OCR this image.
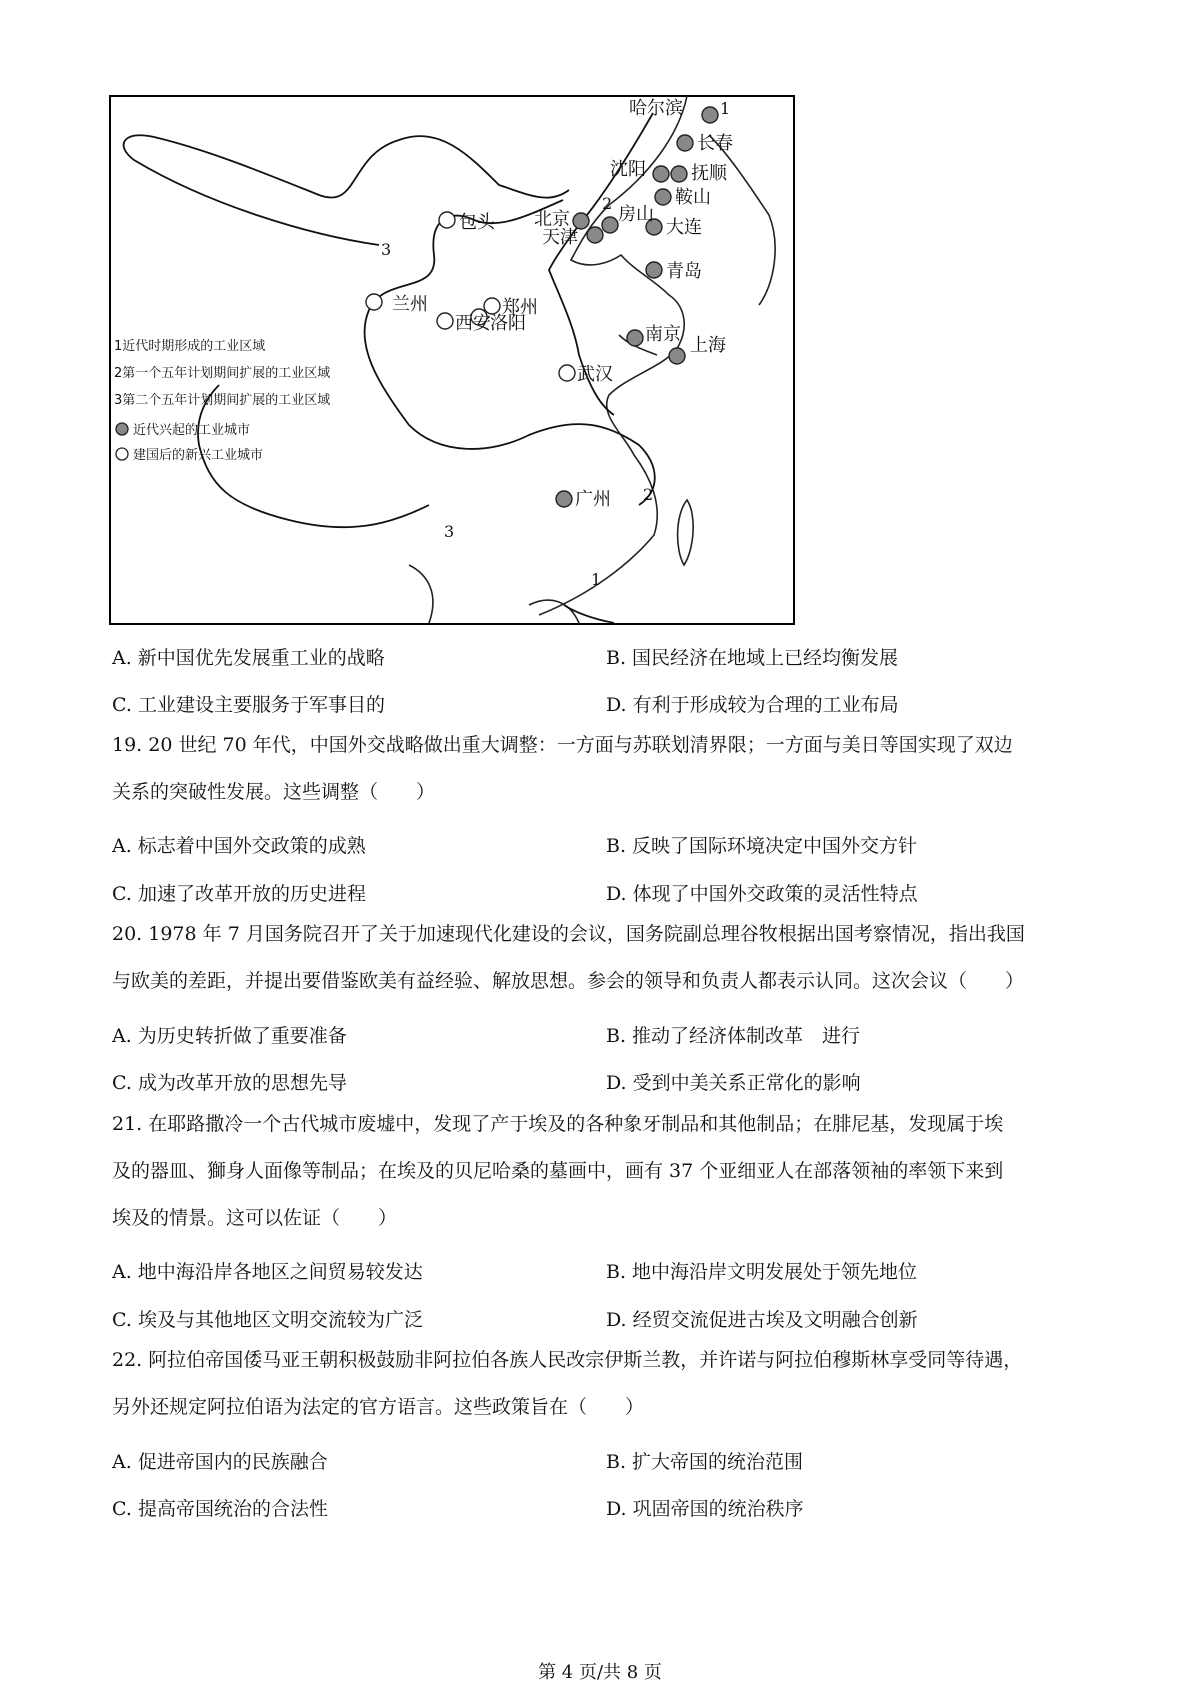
1
2
3
2
3
1
哈尔滨
长春
沈阳	抚顺
鞍山
北京	房山
大连
天津
包头
青岛
兰州	郑州
西安 洛阳
南京
上海
武汉
广州
1近代时期形成的工业区域
2第一个五年计划期间扩展的工业区域
3第二个五年计划期间扩展的工业区域
近代兴起的工业城市
建国后的新兴工业城市
A. 新中国优先发展重工业的战略	B. 国民经济在地域上已经均衡发展
C. 工业建设主要服务于军事目的	D. 有利于形成较为合理的工业布局

19. 20 世纪 70 年代，中国外交战略做出重大调整：一方面与苏联划清界限；一方面与美日等国实现了双边

关系的突破性发展。这些调整（　　）

A. 标志着中国外交政策的成熟	B. 反映了国际环境决定中国外交方针
C. 加速了改革开放的历史进程	D. 体现了中国外交政策的灵活性特点

20. 1978 年 7 月国务院召开了关于加速现代化建设的会议，国务院副总理谷牧根据出国考察情况，指出我国

与欧美的差距，并提出要借鉴欧美有益经验、解放思想。参会的领导和负责人都表示认同。这次会议（　　）

A. 为历史转折做了重要准备	B. 推动了经济体制改革　进行
C. 成为改革开放的思想先导	D. 受到中美关系正常化的影响

21. 在耶路撒冷一个古代城市废墟中，发现了产于埃及的各种象牙制品和其他制品；在腓尼基，发现属于埃

及的器皿、獅身人面像等制品；在埃及的贝尼哈桑的墓画中，画有 37 个亚细亚人在部落领袖的率领下来到

埃及的情景。这可以佐证（　　）

A. 地中海沿岸各地区之间贸易较发达	B. 地中海沿岸文明发展处于领先地位
C. 埃及与其他地区文明交流较为广泛	D. 经贸交流促进古埃及文明融合创新

22. 阿拉伯帝国倭马亚王朝积极鼓励非阿拉伯各族人民改宗伊斯兰教，并许诺与阿拉伯穆斯林享受同等待遇，

另外还规定阿拉伯语为法定的官方语言。这些政策旨在（　　）

A. 促进帝国内的民族融合	B. 扩大帝国的统治范围
C. 提高帝国统治的合法性	D. 巩固帝国的统治秩序
第 4 页/共 8 页
